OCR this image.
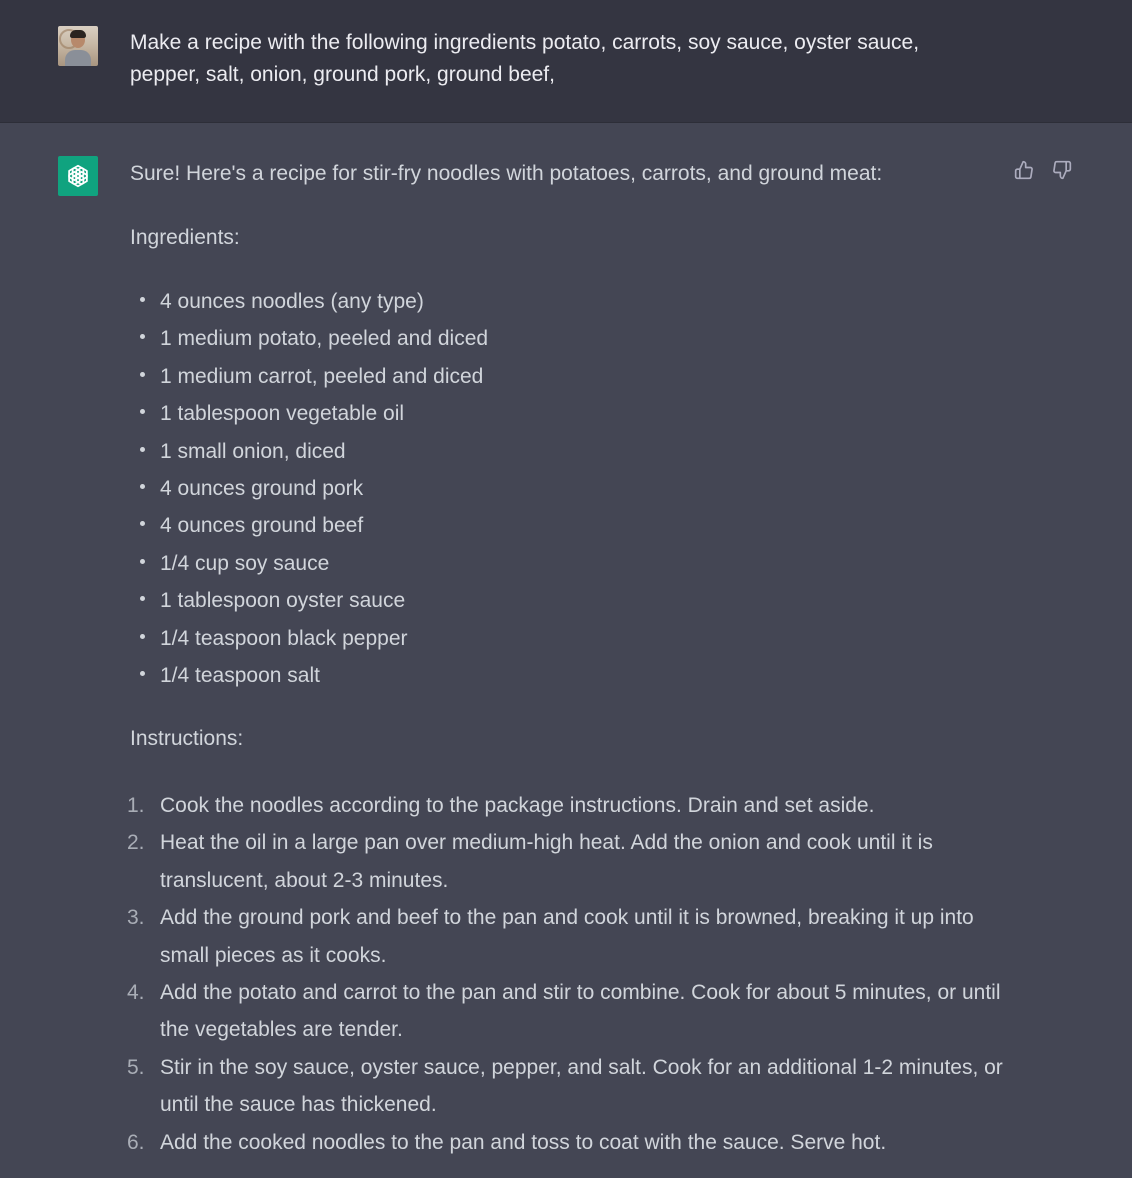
Make a recipe with the following ingredients potato, carrots, soy sauce, oyster sauce, pepper, salt, onion, ground pork, ground beef,

Sure! Here's a recipe for stir-fry noodles with potatoes, carrots, and ground meat:

Ingredients:

4 ounces noodles (any type)
1 medium potato, peeled and diced
1 medium carrot, peeled and diced
1 tablespoon vegetable oil
1 small onion, diced
4 ounces ground pork
4 ounces ground beef
1/4 cup soy sauce
1 tablespoon oyster sauce
1/4 teaspoon black pepper
1/4 teaspoon salt

Instructions:

1. Cook the noodles according to the package instructions. Drain and set aside.
2. Heat the oil in a large pan over medium-high heat. Add the onion and cook until it is translucent, about 2-3 minutes.
3. Add the ground pork and beef to the pan and cook until it is browned, breaking it up into small pieces as it cooks.
4. Add the potato and carrot to the pan and stir to combine. Cook for about 5 minutes, or until the vegetables are tender.
5. Stir in the soy sauce, oyster sauce, pepper, and salt. Cook for an additional 1-2 minutes, or until the sauce has thickened.
6. Add the cooked noodles to the pan and toss to coat with the sauce. Serve hot.
